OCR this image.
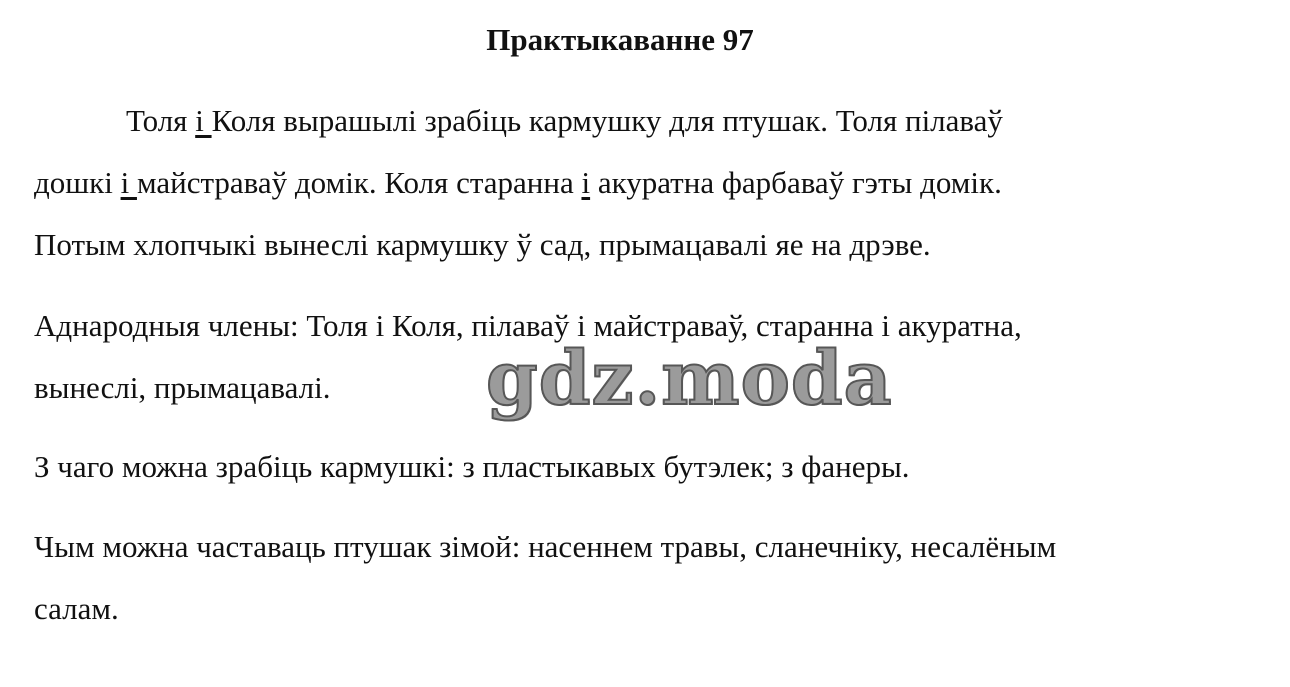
Практыкаванне 97
Толя і Коля вырашылі зрабіць кармушку для птушак. Толя пілаваў
дошкі і майстраваў домік. Коля старанна і акуратна фарбаваў гэты домік.
Потым хлопчыкі вынеслі кармушку ў сад, прымацавалі яе на дрэве.
Аднародныя члены: Толя і Коля, пілаваў і майстраваў, старанна і акуратна,
вынеслі, прымацавалі.
З чаго можна зрабіць кармушкі: з пластыкавых бутэлек; з фанеры.
Чым можна частаваць птушак зімой: насеннем травы, сланечніку, несалёным
салам.
gdz.moda
